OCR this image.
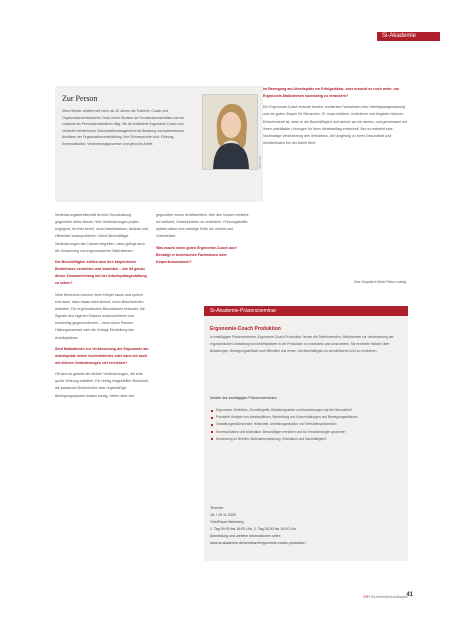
Si-Akademie
Zur Person
Nena Steiner arbeitet seit mehr als 15 Jahren als Trainerin, Coach und Organisationsentwicklerin. Nach ihrem Studium der Sozialwissenschaften war sie zunächst als Personalentwicklerin tätig. Sie ist zertifizierte Ergonomie-Coach und verbindet betriebliches Gesundheitsmanagement mit Beratung und systemischen Ansätzen der Organisationsentwicklung. Ihre Schwerpunkte sind: Führung, Kommunikation, Veränderungsprozesse und gesunde Arbeit.
Foto: privat

Veränderungsbereitschaft ist eine Grundhaltung gegenüber allem Neuen. Wer Veränderungen positiv begegnet, ist eher bereit, neue Arbeitsweisen, Abläufe und Hilfsmittel auszuprobieren. Wenn Beschäftigte Veränderungen als Chance begreifen, dann gelingt auch die Umsetzung von ergonomischen Maßnahmen.

Die Beschäftigten sollten also ihre körperlichen Bedürfnisse verstehen und beachten – wie ist genau dieser Zusammenhang mit der Arbeitsplatzgestaltung zu sehen?

Viele Menschen kennen ihren Körper kaum und spüren erst dann, dass etwas nicht stimmt, wenn Beschwerden auftreten. Ein ergonomisches Bewusstsein bedeutet, die Signale des eigenen Körpers wahrzunehmen und rechtzeitig gegenzusteuern – etwa durch Pausen, Haltungswechsel oder die richtige Einstellung des Arbeitsplatzes.

Sind Maßnahmen zur Verbesserung der Ergonomie am Arbeitsplatz immer kostenintensiv oder kann ich auch mit kleinen Veränderungen viel erreichen?

Oft sind es gerade die kleinen Veränderungen, die eine große Wirkung entfalten. Ein richtig eingestellter Bürostuhl, die passende Monitorhöhe oder regelmäßige Bewegungspausen kosten wenig, helfen aber viel.

gegenüber neuen Arbeitsmitteln. Wer den Nutzen versteht, ist motiviert, Gewohnheiten zu verändern. Führungskräfte spielen dabei eine wichtige Rolle als Vorbild und Unterstützer.

Was macht einen guten Ergonomie-Coach aus? Benötigt er technisches Fachwissen oder Körperbewusstsein?

Ist Bewegung am Arbeitsplatz ein Erfolgsfaktor, oder braucht es noch mehr, um Ergonomie-Maßnahmen nachhaltig zu verankern?

Ein Ergonomie-Coach braucht beides: fundiertes Fachwissen über Arbeitsplatzgestaltung und ein gutes Gespür für Menschen. Er muss erklären, motivieren und begleiten können. Entscheidend ist, dass er die Beschäftigten dort abholt, wo sie stehen, und gemeinsam mit ihnen praktikable Lösungen für ihren Arbeitsalltag entwickelt. Nur so entsteht eine nachhaltige Veränderung des Verhaltens, die langfristig zu mehr Gesundheit und Wohlbefinden bei der Arbeit führt.

Das Gespräch führte Petra Ludwig.
Si-Akademie-Präsenzseminar
Ergonomie-Coach Produktion
In zweitägigen Präsenzseminar „Ergonomie-Coach Produktion“ lernen die Teilnehmenden, Maßnahmen zur Verbesserung der ergonomischen Gestaltung von Arbeitsplätzen in der Produktion zu entwickeln und umzusetzen. Sie erwerben Wissen über Belastungen, Bewegungsabläufe und Hilfsmittel und lernen, die Beschäftigten zu sensibilisieren und zu motivieren.
Inhalte des zweitägigen Präsenzseminars:
Ergonomie: Definition, Grundbegriffe, Belastungsarten und Auswirkungen auf die Gesundheit
Praxisteil: Analyse von Arbeitsplätzen, Beurteilung von Körperhaltungen und Bewegungsabläufen
Gestaltungsmaßnahmen: Hilfsmittel, Arbeitsorganisation und Verhaltensprävention
Kommunikation und Motivation: Beschäftigte erreichen und für Veränderungen gewinnen
Umsetzung im Betrieb: Maßnahmenplanung, Evaluation und Nachhaltigkeit
Termine:
18. / 19.11.2025
Orte/Raum Nürnberg
1. Tag 09:00 bis 16:00 Uhr, 2. Tag 08:30 bis 15:00 Uhr
Anmeldung und weitere Informationen unter:
www.si-akademie.de/seminare/ergonomie-coach-produktion
SIFI Sicherheitsbeauftragter
41
